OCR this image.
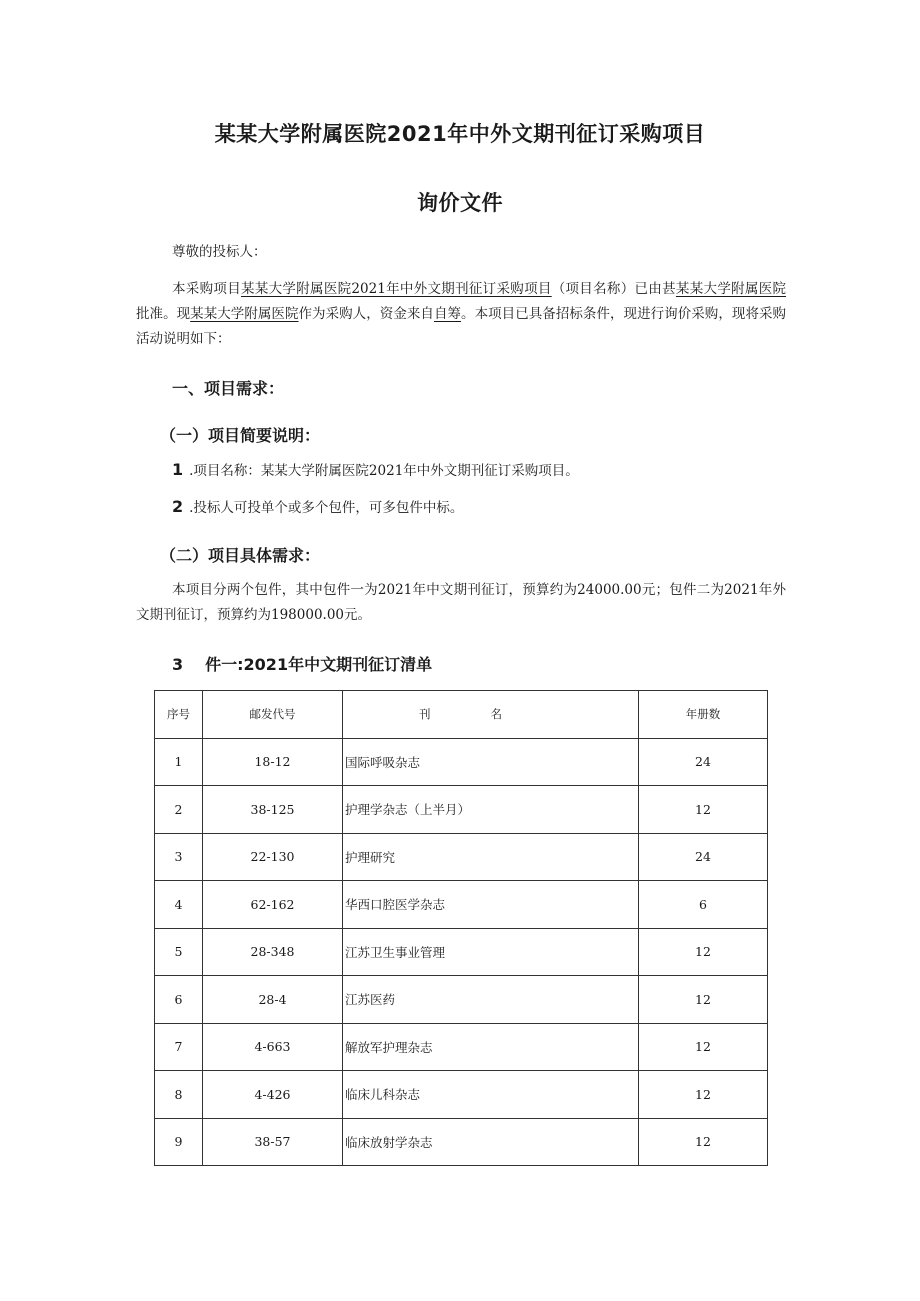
某某大学附属医院2021年中外文期刊征订采购项目
询价文件

尊敬的投标人：

本采购项目某某大学附属医院2021年中外文期刊征订采购项目（项目名称）已由甚某某大学附属医院批准。现某某大学附属医院作为采购人，资金来自自筹。本项目已具备招标条件，现进行询价采购，现将采购活动说明如下：

一、项目需求：
（一）项目简要说明：

1 .项目名称：某某大学附属医院2021年中外文期刊征订采购项目。

2 .投标人可投单个或多个包件，可多包件中标。

（二）项目具体需求：

本项目分两个包件，其中包件一为2021年中文期刊征订，预算约为24000.00元；包件二为2021年外文期刊征订，预算约为198000.00元。

3 件一:2021年中文期刊征订清单
序号	邮发代号	刊名	年册数
1	18-12	国际呼吸杂志	24
2	38-125	护理学杂志（上半月）	12
3	22-130	护理研究	24
4	62-162	华西口腔医学杂志	6
5	28-348	江苏卫生事业管理	12
6	28-4	江苏医药	12
7	4-663	解放军护理杂志	12
8	4-426	临床儿科杂志	12
9	38-57	临床放射学杂志	12
